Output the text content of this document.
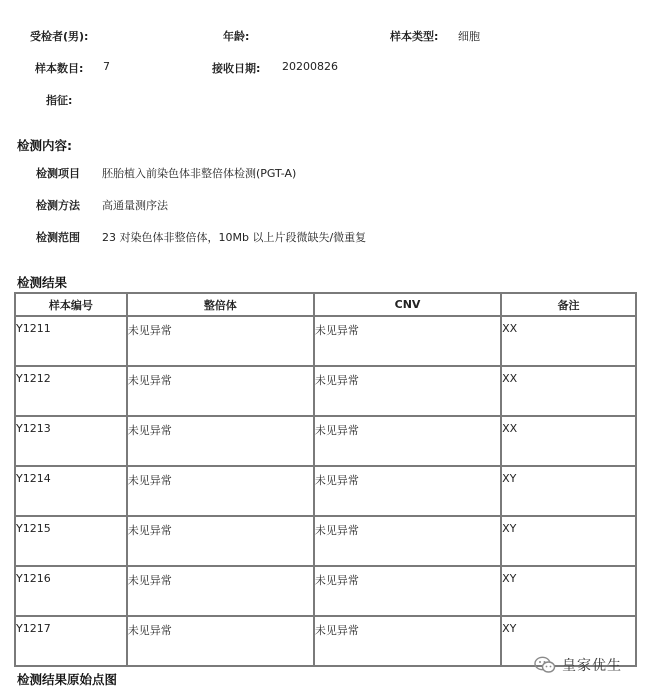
受检者(男):	年龄:	样本类型: 细胞
样本数目: 7	接收日期: 20200826
指征:
检测内容:
检测项目 胚胎植入前染色体非整倍体检测(PGT-A)
检测方法 高通量测序法
检测范围 23 对染色体非整倍体，10Mb 以上片段微缺失/微重复
检测结果
样本编号	整倍体	CNV	备注
Y1211	未见异常	未见异常	XX
Y1212	未见异常	未见异常	XX
Y1213	未见异常	未见异常	XX
Y1214	未见异常	未见异常	XY
Y1215	未见异常	未见异常	XY
Y1216	未见异常	未见异常	XY
Y1217	未见异常	未见异常	XY
检测结果原始点图
皇家优生
